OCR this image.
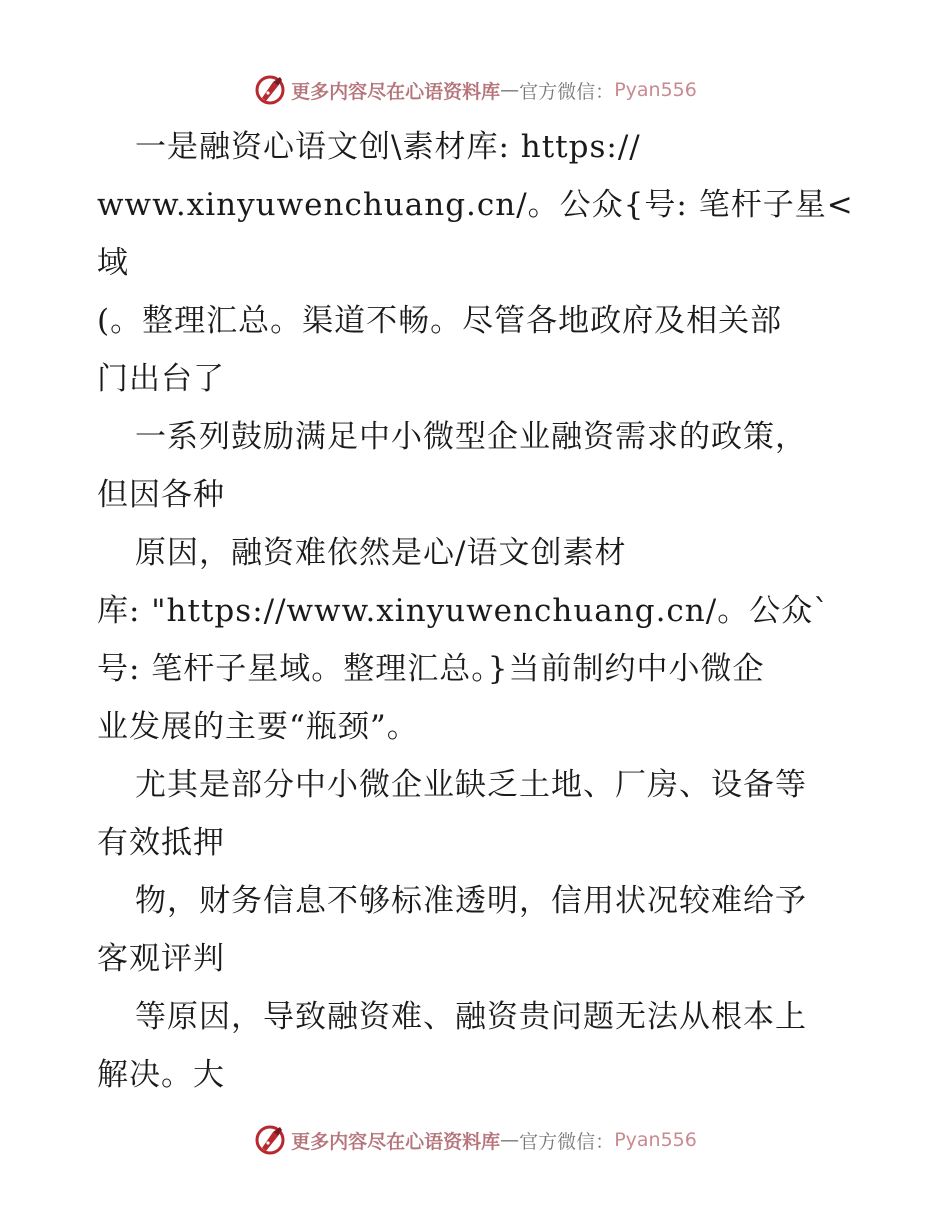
更多内容尽在心语资料库 — 官方微信： Pyan556

一是融资心语文创\素材库: https://

www.xinyuwenchuang.cn/。公众{号: 笔杆子星<域

(。整理汇总。渠道不畅。尽管各地政府及相关部

门出台了

一系列鼓励满足中小微型企业融资需求的政策，

但因各种

原因，融资难依然是心/语文创素材

库: "https://www.xinyuwenchuang.cn/。公众`

号: 笔杆子星域。整理汇总。}当前制约中小微企

业发展的主要“瓶颈”。

尤其是部分中小微企业缺乏土地、厂房、设备等

有效抵押

物，财务信息不够标准透明，信用状况较难给予

客观评判

等原因，导致融资难、融资贵问题无法从根本上

解决。大

更多内容尽在心语资料库 — 官方微信： Pyan556
